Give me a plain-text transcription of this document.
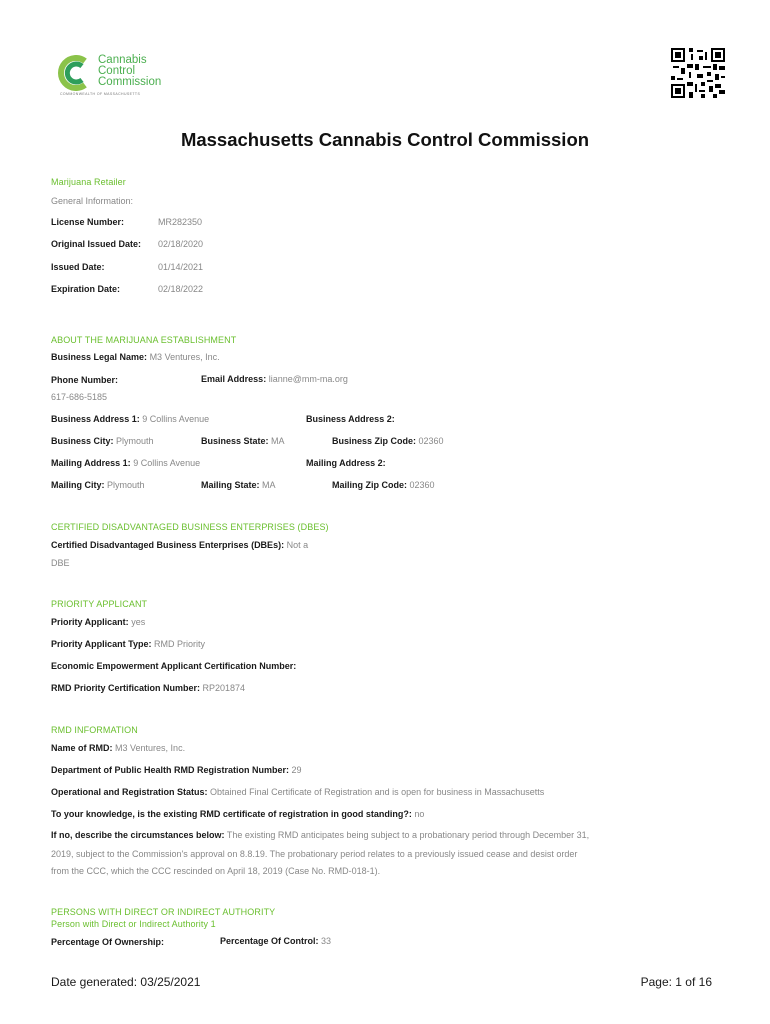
Cannabis
Control
Commission
COMMONWEALTH OF MASSACHUSETTS
Massachusetts Cannabis Control Commission
Marijuana Retailer
General Information:
License Number:	MR282350
Original Issued Date: 02/18/2020
Issued Date:	01/14/2021
Expiration Date:	02/18/2022
ABOUT THE MARIJUANA ESTABLISHMENT
Business Legal Name: M3 Ventures, Inc.
Phone Number:	Email Address: lianne@mm-ma.org
617-686-5185
Business Address 1: 9 Collins Avenue	Business Address 2:
Business City: Plymouth	Business State: MA	Business Zip Code: 02360
Mailing Address 1: 9 Collins Avenue	Mailing Address 2:
Mailing City: Plymouth	Mailing State: MA	Mailing Zip Code: 02360
CERTIFIED DISADVANTAGED BUSINESS ENTERPRISES (DBES)
Certified Disadvantaged Business Enterprises (DBEs): Not a
DBE
PRIORITY APPLICANT
Priority Applicant: yes
Priority Applicant Type: RMD Priority
Economic Empowerment Applicant Certification Number:
RMD Priority Certification Number: RP201874
RMD INFORMATION
Name of RMD: M3 Ventures, Inc.
Department of Public Health RMD Registration Number: 29
Operational and Registration Status: Obtained Final Certificate of Registration and is open for business in Massachusetts
To your knowledge, is the existing RMD certificate of registration in good standing?: no
If no, describe the circumstances below: The existing RMD anticipates being subject to a probationary period through December 31,
2019, subject to the Commission's approval on 8.8.19. The probationary period relates to a previously issued cease and desist order
from the CCC, which the CCC rescinded on April 18, 2019 (Case No. RMD-018-1).
PERSONS WITH DIRECT OR INDIRECT AUTHORITY
Person with Direct or Indirect Authority 1
Percentage Of Ownership:	Percentage Of Control: 33
Date generated: 03/25/2021	Page: 1 of 16
